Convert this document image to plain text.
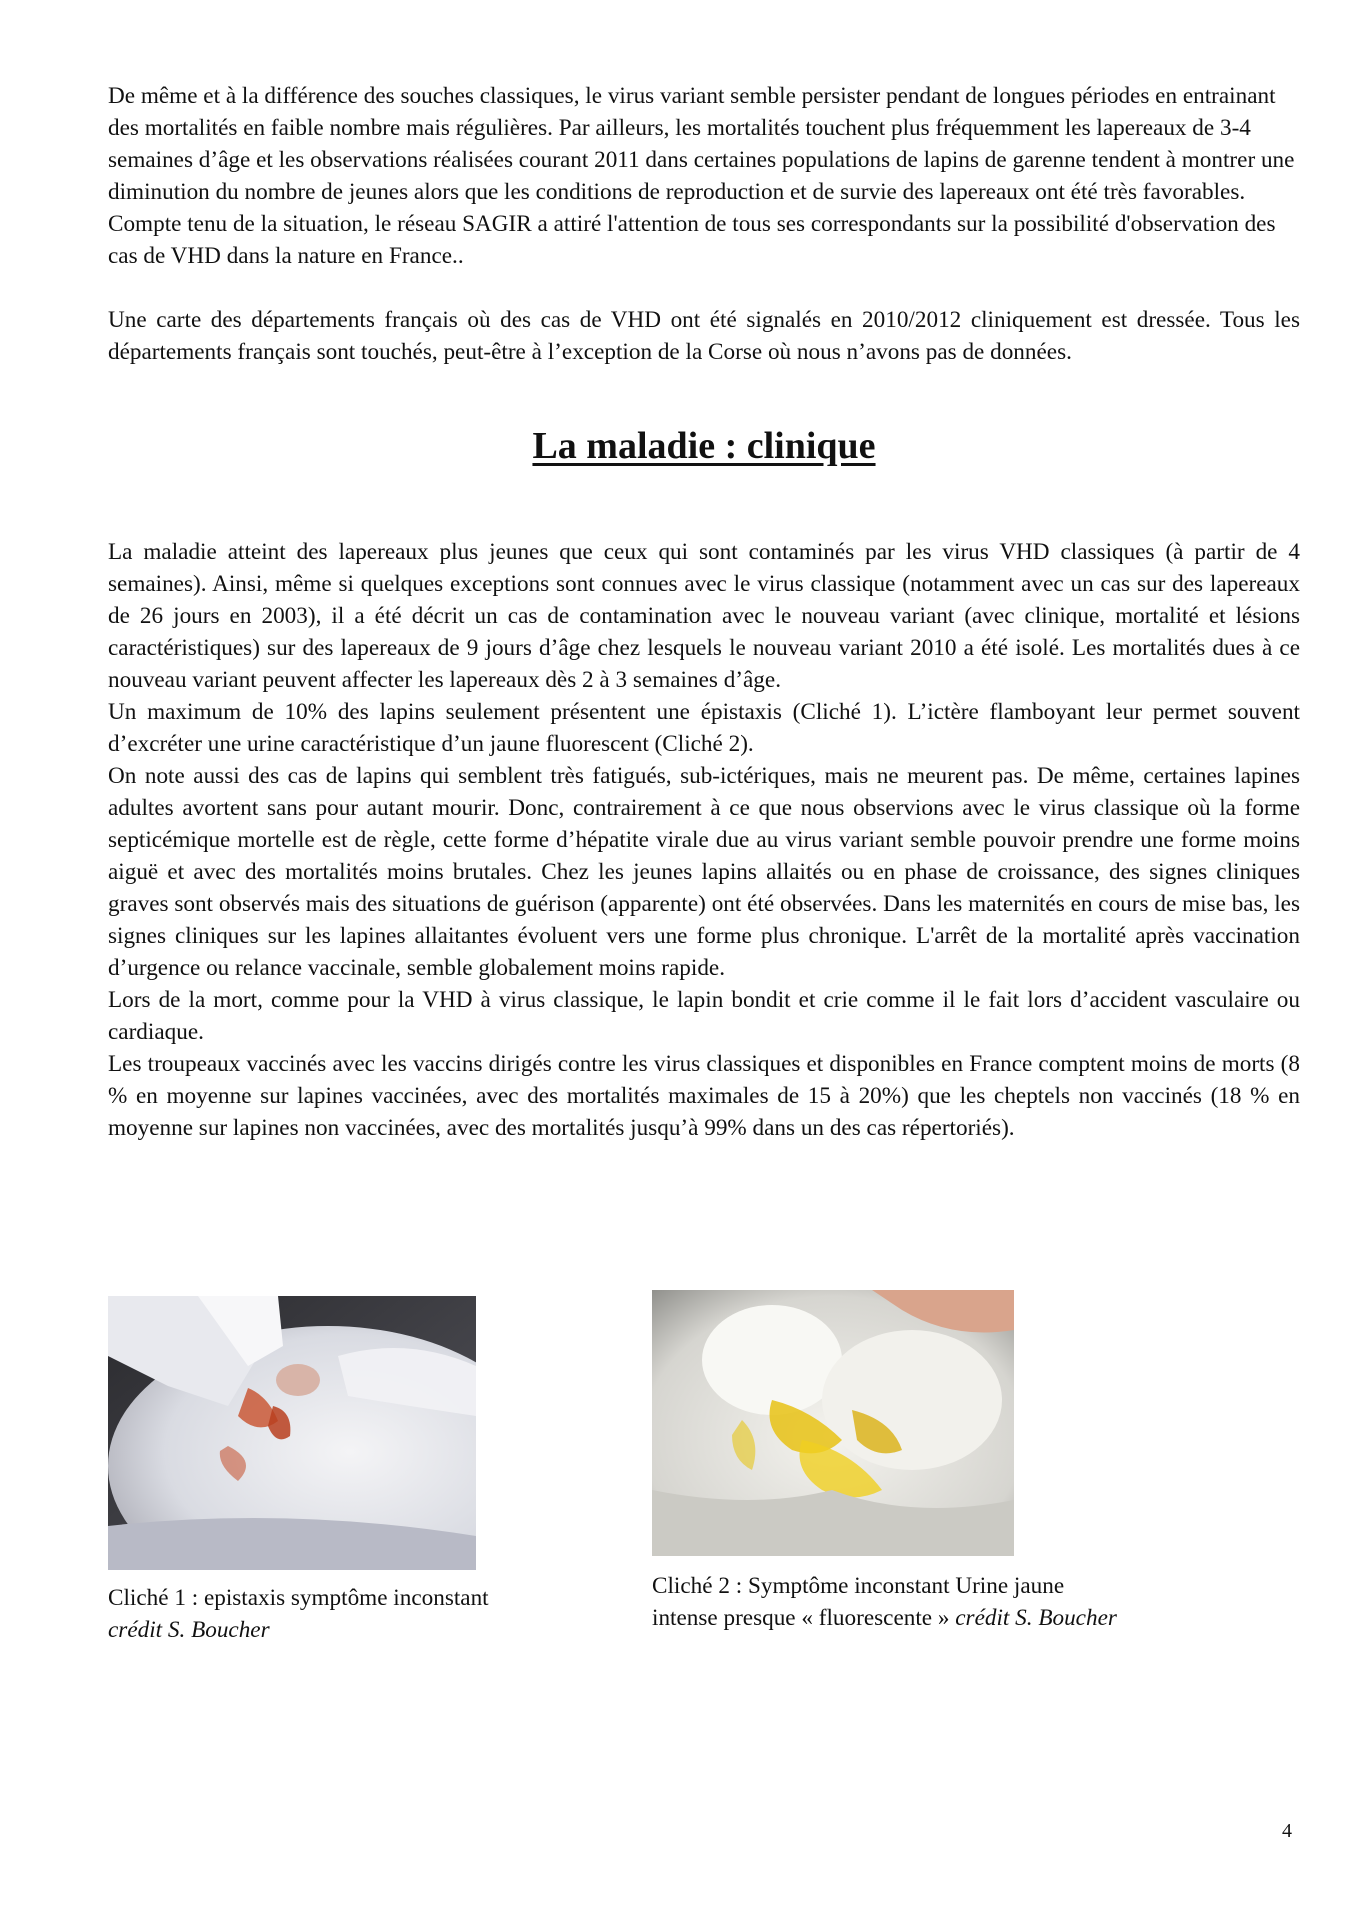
De même et à la différence des souches classiques, le virus variant semble persister pendant de longues périodes en entrainant des mortalités en faible nombre mais régulières. Par ailleurs, les mortalités touchent plus fréquemment les lapereaux de 3-4 semaines d’âge et les observations réalisées courant 2011 dans certaines populations de lapins de garenne tendent à montrer une diminution du nombre de jeunes alors que les conditions de reproduction et de survie des lapereaux ont été très favorables. Compte tenu de la situation, le réseau SAGIR a attiré l'attention de tous ses correspondants sur la possibilité d'observation des cas de VHD dans la nature en France..

Une carte des départements français où des cas de VHD ont été signalés en 2010/2012 cliniquement est dressée. Tous les départements français sont touchés, peut-être à l’exception de la Corse où nous n’avons pas de données.

La maladie : clinique

La maladie atteint des lapereaux plus jeunes que ceux qui sont contaminés par les virus VHD classiques (à partir de 4 semaines). Ainsi, même si quelques exceptions sont connues avec le virus classique (notamment avec un cas sur des lapereaux de 26 jours en 2003), il a été décrit un cas de contamination avec le nouveau variant (avec clinique, mortalité et lésions caractéristiques) sur des lapereaux de 9 jours d’âge chez lesquels le nouveau variant 2010 a été isolé. Les mortalités dues à ce nouveau variant peuvent affecter les lapereaux dès 2 à 3 semaines d’âge.

Un maximum de 10% des lapins seulement présentent une épistaxis (Cliché 1). L’ictère flamboyant leur permet souvent d’excréter une urine caractéristique d’un jaune fluorescent (Cliché 2).

On note aussi des cas de lapins qui semblent très fatigués, sub-ictériques, mais ne meurent pas. De même, certaines lapines adultes avortent sans pour autant mourir. Donc, contrairement à ce que nous observions avec le virus classique où la forme septicémique mortelle est de règle, cette forme d’hépatite virale due au virus variant semble pouvoir prendre une forme moins aiguë et avec des mortalités moins brutales. Chez les jeunes lapins allaités ou en phase de croissance, des signes cliniques graves sont observés mais des situations de guérison (apparente) ont été observées. Dans les maternités en cours de mise bas, les signes cliniques sur les lapines allaitantes évoluent vers une forme plus chronique. L'arrêt de la mortalité après vaccination d’urgence ou relance vaccinale, semble globalement moins rapide.

Lors de la mort, comme pour la VHD à virus classique, le lapin bondit et crie comme il le fait lors d’accident vasculaire ou cardiaque.

Les troupeaux vaccinés avec les vaccins dirigés contre les virus classiques et disponibles en France comptent moins de morts (8 % en moyenne sur lapines vaccinées, avec des mortalités maximales de 15 à 20%) que les cheptels non vaccinés (18 % en moyenne sur lapines non vaccinées, avec des mortalités jusqu’à 99% dans un des cas répertoriés).

Cliché 1 : epistaxis symptôme inconstant
crédit S. Boucher
Cliché 2 : Symptôme inconstant Urine jaune intense presque « fluorescente » crédit S. Boucher
4
